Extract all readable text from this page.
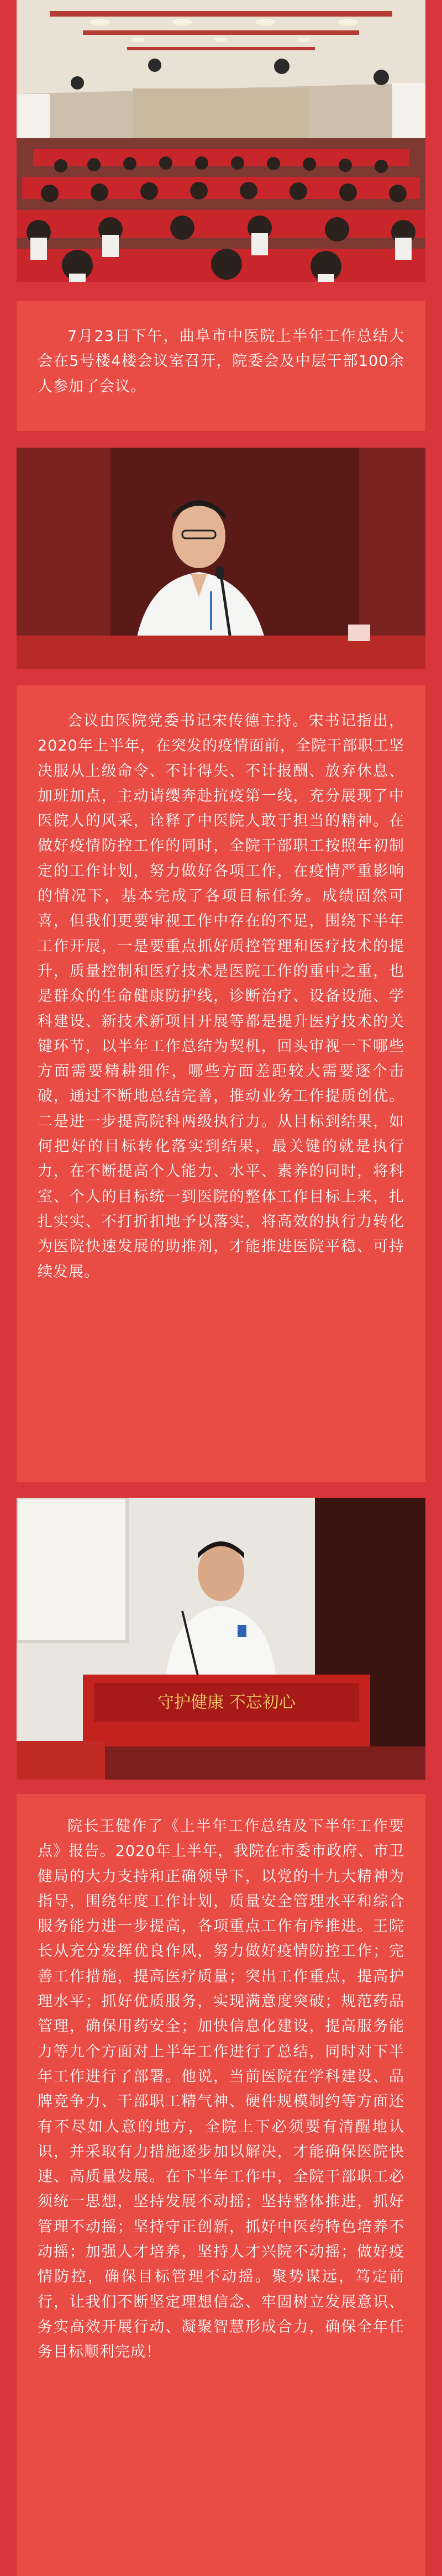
7月23日下午，曲阜市中医院上半年工作总结大会在5号楼4楼会议室召开，院委会及中层干部100余人参加了会议。

会议由医院党委书记宋传德主持。宋书记指出，2020年上半年，在突发的疫情面前，全院干部职工坚决服从上级命令、不计得失、不计报酬、放弃休息、加班加点，主动请缨奔赴抗疫第一线，充分展现了中医院人的风采，诠释了中医院人敢于担当的精神。在做好疫情防控工作的同时，全院干部职工按照年初制定的工作计划，努力做好各项工作，在疫情严重影响的情况下，基本完成了各项目标任务。成绩固然可喜，但我们更要审视工作中存在的不足，围绕下半年工作开展，一是要重点抓好质控管理和医疗技术的提升，质量控制和医疗技术是医院工作的重中之重，也是群众的生命健康防护线，诊断治疗、设备设施、学科建设、新技术新项目开展等都是提升医疗技术的关键环节，以半年工作总结为契机，回头审视一下哪些方面需要精耕细作，哪些方面差距较大需要逐个击破，通过不断地总结完善，推动业务工作提质创优。二是进一步提高院科两级执行力。从目标到结果，如何把好的目标转化落实到结果，最关键的就是执行力，在不断提高个人能力、水平、素养的同时，将科室、个人的目标统一到医院的整体工作目标上来，扎扎实实、不打折扣地予以落实，将高效的执行力转化为医院快速发展的助推剂，才能推进医院平稳、可持续发展。

守护健康 不忘初心

院长王健作了《上半年工作总结及下半年工作要点》报告。2020年上半年，我院在市委市政府、市卫健局的大力支持和正确领导下，以党的十九大精神为指导，围绕年度工作计划，质量安全管理水平和综合服务能力进一步提高，各项重点工作有序推进。王院长从充分发挥优良作风，努力做好疫情防控工作；完善工作措施，提高医疗质量；突出工作重点，提高护理水平；抓好优质服务，实现满意度突破；规范药品管理，确保用药安全；加快信息化建设，提高服务能力等九个方面对上半年工作进行了总结，同时对下半年工作进行了部署。他说，当前医院在学科建设、品牌竞争力、干部职工精气神、硬件规模制约等方面还有不尽如人意的地方，全院上下必须要有清醒地认识，并采取有力措施逐步加以解决，才能确保医院快速、高质量发展。在下半年工作中，全院干部职工必须统一思想，坚持发展不动摇；坚持整体推进，抓好管理不动摇；坚持守正创新，抓好中医药特色培养不动摇；加强人才培养，坚持人才兴院不动摇；做好疫情防控，确保目标管理不动摇。聚势谋远，笃定前行，让我们不断坚定理想信念、牢固树立发展意识、务实高效开展行动、凝聚智慧形成合力，确保全年任务目标顺利完成！
